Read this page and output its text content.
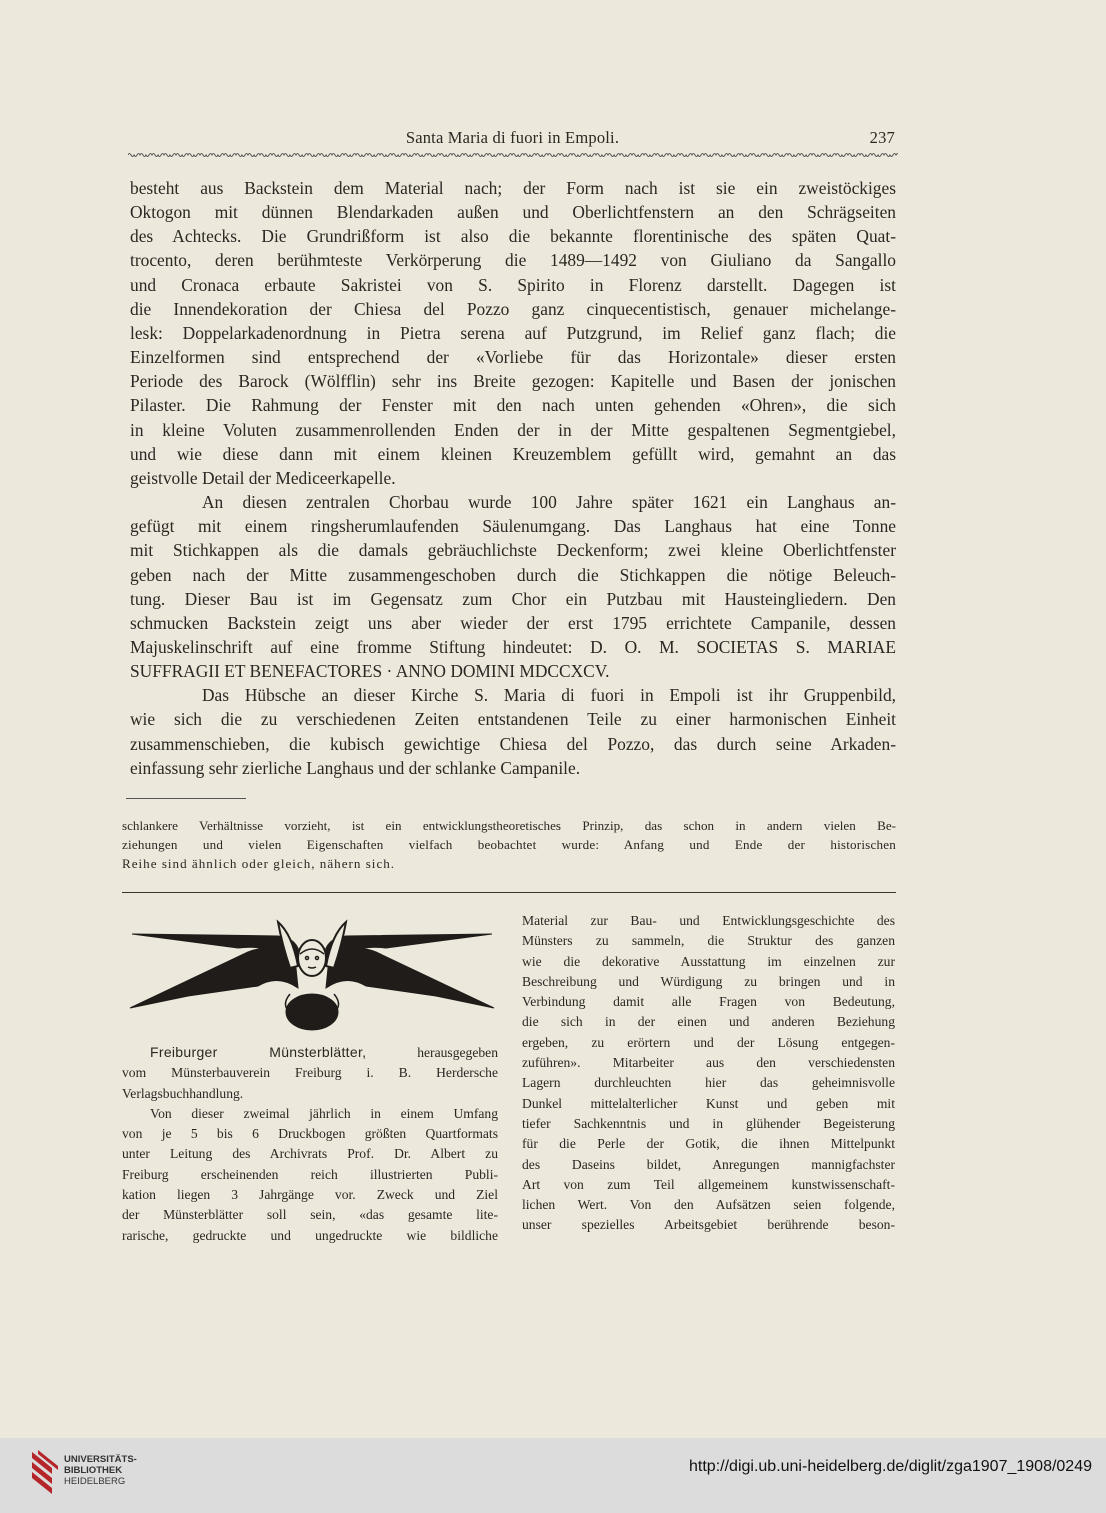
Santa Maria di fuori in Empoli.	237

besteht aus Backstein dem Material nach; der Form nach ist sie ein zweistöckiges
Oktogon mit dünnen Blendarkaden außen und Oberlichtfenstern an den Schrägseiten
des Achtecks. Die Grundrißform ist also die bekannte florentinische des späten Quat-
trocento, deren berühmteste Verkörperung die 1489—1492 von Giuliano da Sangallo
und Cronaca erbaute Sakristei von S. Spirito in Florenz darstellt. Dagegen ist
die Innendekoration der Chiesa del Pozzo ganz cinquecentistisch, genauer michelange-
lesk: Doppelarkadenordnung in Pietra serena auf Putzgrund, im Relief ganz flach; die
Einzelformen sind entsprechend der «Vorliebe für das Horizontale» dieser ersten
Periode des Barock (Wölfflin) sehr ins Breite gezogen: Kapitelle und Basen der jonischen
Pilaster. Die Rahmung der Fenster mit den nach unten gehenden «Ohren», die sich
in kleine Voluten zusammenrollenden Enden der in der Mitte gespaltenen Segmentgiebel,
und wie diese dann mit einem kleinen Kreuzemblem gefüllt wird, gemahnt an das
geistvolle Detail der Mediceerkapelle.

An diesen zentralen Chorbau wurde 100 Jahre später 1621 ein Langhaus an-
gefügt mit einem ringsherumlaufenden Säulenumgang. Das Langhaus hat eine Tonne
mit Stichkappen als die damals gebräuchlichste Deckenform; zwei kleine Oberlichtfenster
geben nach der Mitte zusammengeschoben durch die Stichkappen die nötige Beleuch-
tung. Dieser Bau ist im Gegensatz zum Chor ein Putzbau mit Hausteingliedern. Den
schmucken Backstein zeigt uns aber wieder der erst 1795 errichtete Campanile, dessen
Majuskelinschrift auf eine fromme Stiftung hindeutet: D. O. M. SOCIETAS S. MARIAE
SUFFRAGII ET BENEFACTORES · ANNO DOMINI MDCCXCV.

Das Hübsche an dieser Kirche S. Maria di fuori in Empoli ist ihr Gruppenbild,
wie sich die zu verschiedenen Zeiten entstandenen Teile zu einer harmonischen Einheit
zusammenschieben, die kubisch gewichtige Chiesa del Pozzo, das durch seine Arkaden-
einfassung sehr zierliche Langhaus und der schlanke Campanile.

schlankere Verhältnisse vorzieht, ist ein entwicklungstheoretisches Prinzip, das schon in andern vielen Be-
ziehungen und vielen Eigenschaften vielfach beobachtet wurde: Anfang und Ende der historischen
Reihe sind ähnlich oder gleich, nähern sich.
Freiburger Münsterblätter,	herausgegeben
vom Münsterbauverein Freiburg i. B. Herdersche
Verlagsbuchhandlung.
Von dieser zweimal jährlich in einem Umfang
von je 5 bis 6 Druckbogen größten Quartformats
unter Leitung des Archivrats Prof. Dr. Albert zu
Freiburg erscheinenden reich illustrierten Publi-
kation liegen 3 Jahrgänge vor. Zweck und Ziel
der Münsterblätter soll sein, «das gesamte lite-
rarische, gedruckte und ungedruckte wie bildliche
Material zur Bau- und Entwicklungsgeschichte des
Münsters zu sammeln, die Struktur des ganzen
wie die dekorative Ausstattung im einzelnen zur
Beschreibung und Würdigung zu bringen und in
Verbindung damit alle Fragen von Bedeutung,
die sich in der einen und anderen Beziehung
ergeben, zu erörtern und der Lösung entgegen-
zuführen». Mitarbeiter aus den verschiedensten
Lagern durchleuchten hier das geheimnisvolle
Dunkel mittelalterlicher Kunst und geben mit
tiefer Sachkenntnis und in glühender Begeisterung
für die Perle der Gotik, die ihnen Mittelpunkt
des Daseins bildet, Anregungen mannigfachster
Art von zum Teil allgemeinem kunstwissenschaft-
lichen Wert. Von den Aufsätzen seien folgende,
unser spezielles Arbeitsgebiet berührende beson-
UNIVERSITÄTS-
BIBLIOTHEK
HEIDELBERG
http://digi.ub.uni-heidelberg.de/diglit/zga1907_1908/0249
